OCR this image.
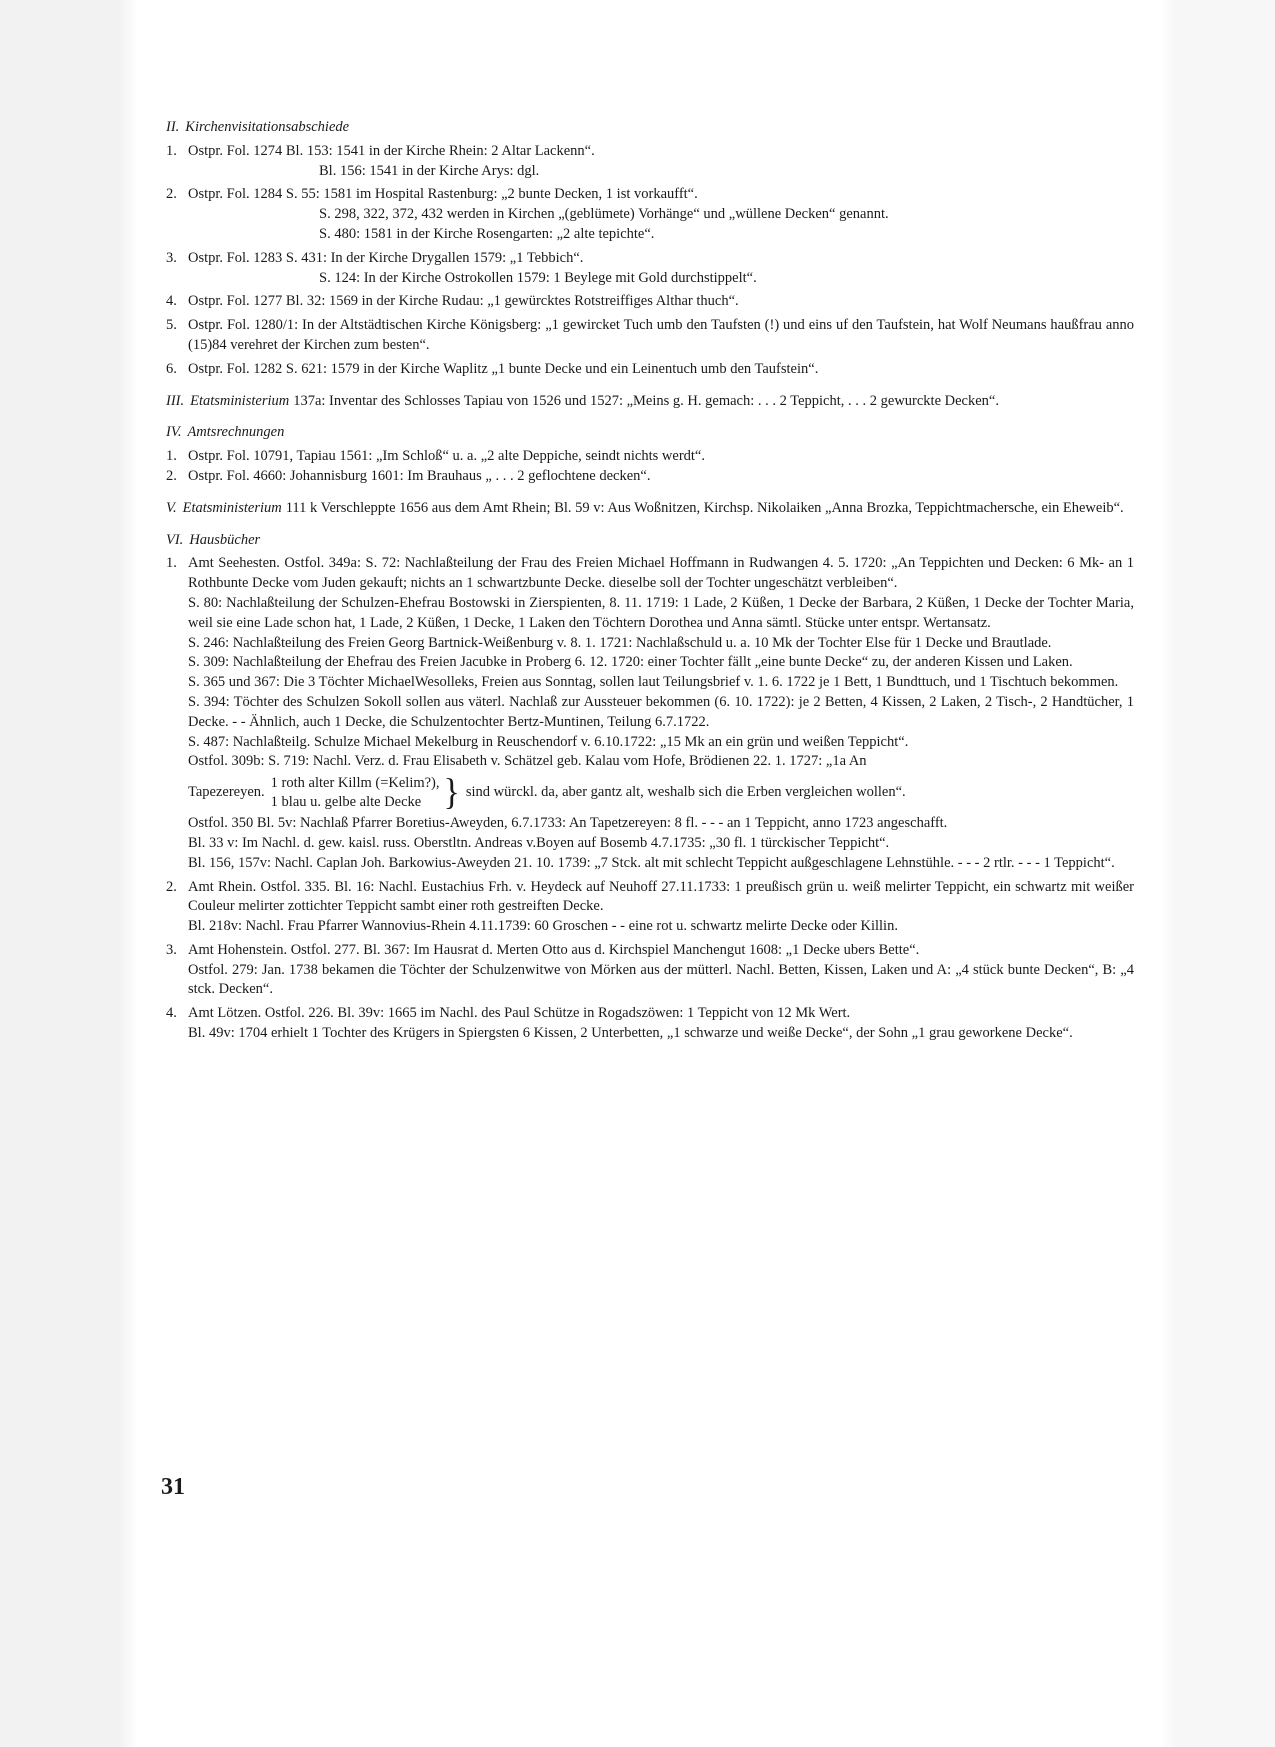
II. Kirchenvisitationsabschiede
1. Ostpr. Fol. 1274 Bl. 153: 1541 in der Kirche Rhein: 2 Altar Lackenn“.
Bl. 156: 1541 in der Kirche Arys: dgl.
2. Ostpr. Fol. 1284 S. 55: 1581 im Hospital Rastenburg: „2 bunte Decken, 1 ist vorkaufft“.
S. 298, 322, 372, 432 werden in Kirchen „(geblümete) Vorhänge“ und „wüllene Decken“ genannt.
S. 480: 1581 in der Kirche Rosengarten: „2 alte tepichte“.
3. Ostpr. Fol. 1283 S. 431: In der Kirche Drygallen 1579: „1 Tebbich“.
S. 124: In der Kirche Ostrokollen 1579: 1 Beylege mit Gold durchstippelt“.
4. Ostpr. Fol. 1277 Bl. 32: 1569 in der Kirche Rudau: „1 gewürcktes Rotstreiffiges Althar thuch“.
5. Ostpr. Fol. 1280/1: In der Altstädtischen Kirche Königsberg: „1 gewircket Tuch umb den Taufsten (!) und eins uf den Taufstein, hat Wolf Neumans haußfrau anno (15)84 verehret der Kirchen zum besten“.
6. Ostpr. Fol. 1282 S. 621: 1579 in der Kirche Waplitz „1 bunte Decke und ein Leinentuch umb den Taufstein“.
III. Etatsministerium 137a: Inventar des Schlosses Tapiau von 1526 und 1527: „Meins g. H. gemach: . . . 2 Teppicht, . . . 2 gewurckte Decken“.
IV. Amtsrechnungen
1. Ostpr. Fol. 10791, Tapiau 1561: „Im Schloß“ u. a. „2 alte Deppiche, seindt nichts werdt“.
2. Ostpr. Fol. 4660: Johannisburg 1601: Im Brauhaus „ . . . 2 geflochtene decken“.
V. Etatsministerium 111 k Verschleppte 1656 aus dem Amt Rhein; Bl. 59 v: Aus Woßnitzen, Kirchsp. Nikolaiken „Anna Brozka, Teppichtmachersche, ein Eheweib“.
VI. Hausbücher
1. Amt Seehesten. Ostfol. 349a: S. 72: Nachlaßteilung der Frau des Freien Michael Hoffmann in Rudwangen 4. 5. 1720: „An Teppichten und Decken: 6 Mk- an 1 Rothbunte Decke vom Juden gekauft; nichts an 1 schwartzbunte Decke. dieselbe soll der Tochter ungeschätzt verbleiben“.
S. 80: Nachlaßteilung der Schulzen-Ehefrau Bostowski in Zierspienten, 8. 11. 1719: 1 Lade, 2 Küßen, 1 Decke der Barbara, 2 Küßen, 1 Decke der Tochter Maria, weil sie eine Lade schon hat, 1 Lade, 2 Küßen, 1 Decke, 1 Laken den Töchtern Dorothea und Anna sämtl. Stücke unter entspr. Wertansatz.
S. 246: Nachlaßteilung des Freien Georg Bartnick-Weißenburg v. 8. 1. 1721: Nachlaßschuld u. a. 10 Mk der Tochter Else für 1 Decke und Brautlade.
S. 309: Nachlaßteilung der Ehefrau des Freien Jacubke in Proberg 6. 12. 1720: einer Tochter fällt „eine bunte Decke“ zu, der anderen Kissen und Laken.
S. 365 und 367: Die 3 Töchter MichaelWesolleks, Freien aus Sonntag, sollen laut Teilungsbrief v. 1. 6. 1722 je 1 Bett, 1 Bundttuch, und 1 Tischtuch bekommen.
S. 394: Töchter des Schulzen Sokoll sollen aus väterl. Nachlaß zur Aussteuer bekommen (6. 10. 1722): je 2 Betten, 4 Kissen, 2 Laken, 2 Tisch-, 2 Handtücher, 1 Decke. - - Ähnlich, auch 1 Decke, die Schulzentochter Bertz-Muntinen, Teilung 6.7.1722.
S. 487: Nachlaßteilg. Schulze Michael Mekelburg in Reuschendorf v. 6.10.1722: „15 Mk an ein grün und weißen Teppicht“.
Ostfol. 309b: S. 719: Nachl. Verz. d. Frau Elisabeth v. Schätzel geb. Kalau vom Hofe, Brödienen 22. 1. 1727: „1a An
Tapezereyen.
1 roth alter Killm (=Kelim?),
1 blau u. gelbe alte Decke } sind würckl. da, aber gantz alt, weshalb sich die Erben vergleichen wollen“.
Ostfol. 350 Bl. 5v: Nachlaß Pfarrer Boretius-Aweyden, 6.7.1733: An Tapetzereyen: 8 fl. - - - an 1 Teppicht, anno 1723 angeschafft.
Bl. 33 v: Im Nachl. d. gew. kaisl. russ. Oberstltn. Andreas v.Boyen auf Bosemb 4.7.1735: „30 fl. 1 türckischer Teppicht“.
Bl. 156, 157v: Nachl. Caplan Joh. Barkowius-Aweyden 21. 10. 1739: „7 Stck. alt mit schlecht Teppicht außgeschlagene Lehnstühle. - - - 2 rtlr. - - - 1 Teppicht“.
2. Amt Rhein. Ostfol. 335. Bl. 16: Nachl. Eustachius Frh. v. Heydeck auf Neuhoff 27.11.1733: 1 preußisch grün u. weiß melirter Teppicht, ein schwartz mit weißer Couleur melirter zottichter Teppicht sambt einer roth gestreiften Decke.
Bl. 218v: Nachl. Frau Pfarrer Wannovius-Rhein 4.11.1739: 60 Groschen - - eine rot u. schwartz melirte Decke oder Killin.
3. Amt Hohenstein. Ostfol. 277. Bl. 367: Im Hausrat d. Merten Otto aus d. Kirchspiel Manchengut 1608: „1 Decke ubers Bette“.
Ostfol. 279: Jan. 1738 bekamen die Töchter der Schulzenwitwe von Mörken aus der mütterl. Nachl. Betten, Kissen, Laken und A: „4 stück bunte Decken“, B: „4 stck. Decken“.
4. Amt Lötzen. Ostfol. 226. Bl. 39v: 1665 im Nachl. des Paul Schütze in Rogadszöwen: 1 Teppicht von 12 Mk Wert.
Bl. 49v: 1704 erhielt 1 Tochter des Krügers in Spiergsten 6 Kissen, 2 Unterbetten, „1 schwarze und weiße Decke“, der Sohn „1 grau geworkene Decke“.
31
